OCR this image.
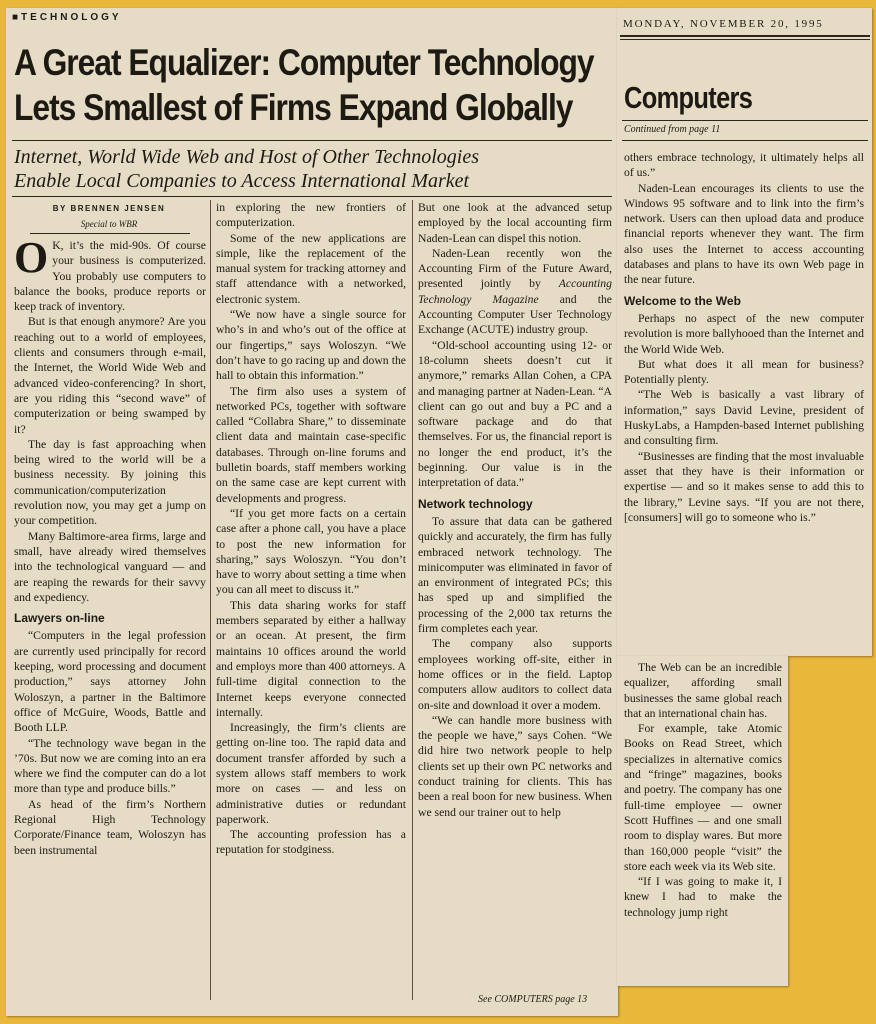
■TECHNOLOGY
A Great Equalizer: Computer Technology
Lets Smallest of Firms Expand Globally
Internet, World Wide Web and Host of Other Technologies
Enable Local Companies to Access International Market
BY BRENNEN JENSEN
Special to WBR

O K, it’s the mid-90s. Of course your business is computerized. You probably use computers to balance the books, produce reports or keep track of inventory.

But is that enough anymore? Are you reaching out to a world of employees, clients and consumers through e-mail, the Internet, the World Wide Web and advanced video-conferencing? In short, are you riding this “second wave” of computerization or being swamped by it?

The day is fast approaching when being wired to the world will be a business necessity. By joining this communication/computerization revolution now, you may get a jump on your competition.

Many Baltimore-area firms, large and small, have already wired themselves into the technological vanguard — and are reaping the rewards for their savvy and expediency.

Lawyers on-line

“Computers in the legal profession are currently used principally for record keeping, word processing and document production,” says attorney John Woloszyn, a partner in the Baltimore office of McGuire, Woods, Battle and Booth LLP.

“The technology wave began in the ’70s. But now we are coming into an era where we find the computer can do a lot more than type and produce bills.”

As head of the firm’s Northern Regional High Technology Corporate/Finance team, Woloszyn has been instrumental

in exploring the new frontiers of computerization.

Some of the new applications are simple, like the replacement of the manual system for tracking attorney and staff attendance with a networked, electronic system.

“We now have a single source for who’s in and who’s out of the office at our fingertips,” says Woloszyn. “We don’t have to go racing up and down the hall to obtain this information.”

The firm also uses a system of networked PCs, together with software called “Collabra Share,” to disseminate client data and maintain case-specific databases. Through on-line forums and bulletin boards, staff members working on the same case are kept current with developments and progress.

“If you get more facts on a certain case after a phone call, you have a place to post the new information for sharing,” says Woloszyn. “You don’t have to worry about setting a time when you can all meet to discuss it.”

This data sharing works for staff members separated by either a hallway or an ocean. At present, the firm maintains 10 offices around the world and employs more than 400 attorneys. A full-time digital connection to the Internet keeps everyone connected internally.

Increasingly, the firm’s clients are getting on-line too. The rapid data and document transfer afforded by such a system allows staff members to work more on cases — and less on administrative duties or redundant paperwork.

The accounting profession has a reputation for stodginess.

But one look at the advanced setup employed by the local accounting firm Naden-Lean can dispel this notion.

Naden-Lean recently won the Accounting Firm of the Future Award, presented jointly by Accounting Technology Magazine and the Accounting Computer User Technology Exchange (ACUTE) industry group.

“Old-school accounting using 12- or 18-column sheets doesn’t cut it anymore,” remarks Allan Cohen, a CPA and managing partner at Naden-Lean. “A client can go out and buy a PC and a software package and do that themselves. For us, the financial report is no longer the end product, it’s the beginning. Our value is in the interpretation of data.”

Network technology

To assure that data can be gathered quickly and accurately, the firm has fully embraced network technology. The minicomputer was eliminated in favor of an environment of integrated PCs; this has sped up and simplified the processing of the 2,000 tax returns the firm completes each year.

The company also supports employees working off-site, either in home offices or in the field. Laptop computers allow auditors to collect data on-site and download it over a modem.

“We can handle more business with the people we have,” says Cohen. “We did hire two network people to help clients set up their own PC networks and conduct training for clients. This has been a real boon for new business. When we send our trainer out to help

See COMPUTERS page 13
MONDAY, NOVEMBER 20, 1995
Computers
Continued from page 11

others embrace technology, it ultimately helps all of us.”

Naden-Lean encourages its clients to use the Windows 95 software and to link into the firm’s network. Users can then upload data and produce financial reports whenever they want. The firm also uses the Internet to access accounting databases and plans to have its own Web page in the near future.

Welcome to the Web

Perhaps no aspect of the new computer revolution is more ballyhooed than the Internet and the World Wide Web.

But what does it all mean for business? Potentially plenty.

“The Web is basically a vast library of information,” says David Levine, president of HuskyLabs, a Hampden-based Internet publishing and consulting firm.

“Businesses are finding that the most invaluable asset that they have is their information or expertise — and so it makes sense to add this to the library,” Levine says. “If you are not there, [consumers] will go to someone who is.”

The Web can be an incredible equalizer, affording small businesses the same global reach that an international chain has.

For example, take Atomic Books on Read Street, which specializes in alternative comics and “fringe” magazines, books and poetry. The company has one full-time employee — owner Scott Huffines — and one small room to display wares. But more than 160,000 people “visit” the store each week via its Web site.

“If I was going to make it, I knew I had to make the technology jump right
